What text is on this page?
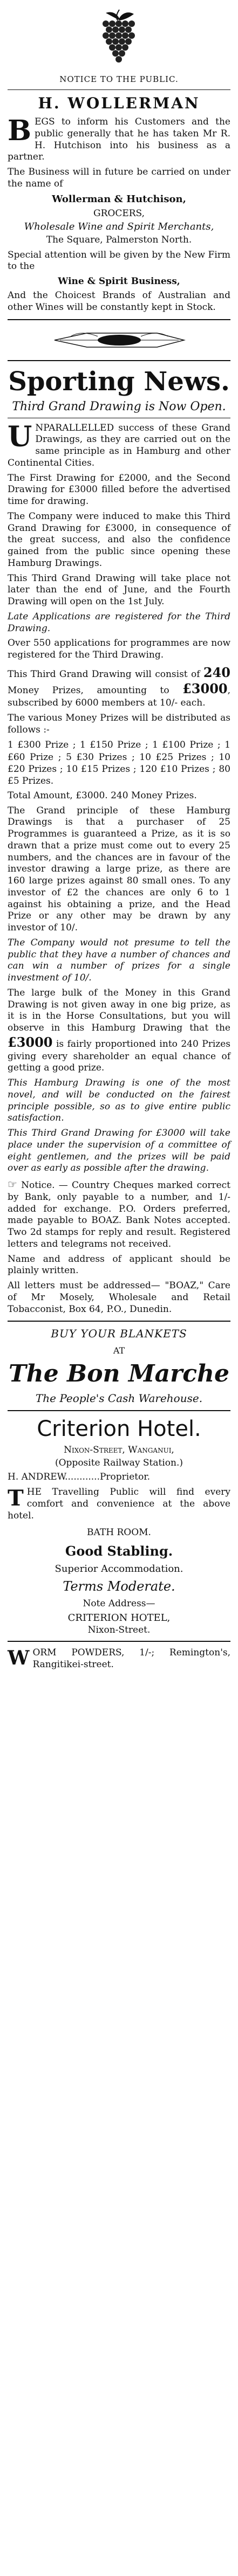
NOTICE TO THE PUBLIC.
H. WOLLERMAN

BEGS to inform his Customers and the public generally that he has taken Mr R. H. Hutchison into his business as a partner.

The Business will in future be carried on under the name of

Wollerman & Hutchison,
GROCERS,
Wholesale Wine and Spirit Merchants,
The Square, Palmerston North.

Special attention will be given by the New Firm to the

Wine & Spirit Business,

And the Choicest Brands of Australian and other Wines will be constantly kept in Stock.

Sporting News.
Third Grand Drawing is Now Open.

UNPARALLELLED success of these Grand Drawings, as they are carried out on the same principle as in Hamburg and other Continental Cities.

The First Drawing for £2000, and the Second Drawing for £3000 filled before the advertised time for drawing.

The Company were induced to make this Third Grand Drawing for £3000, in consequence of the great success, and also the confidence gained from the public since opening these Hamburg Drawings.

This Third Grand Drawing will take place not later than the end of June, and the Fourth Drawing will open on the 1st July.

Late Applications are registered for the Third Drawing.

Over 550 applications for programmes are now registered for the Third Drawing.

This Third Grand Drawing will consist of 240 Money Prizes, amounting to £3000, subscribed by 6000 members at 10/- each.

The various Money Prizes will be distributed as follows :-

1 £300 Prize ; 1 £150 Prize ; 1 £100 Prize ; 1 £60 Prize ; 5 £30 Prizes ; 10 £25 Prizes ; 10 £20 Prizes ; 10 £15 Prizes ; 120 £10 Prizes ; 80 £5 Prizes.

Total Amount, £3000. 240 Money Prizes.

The Grand principle of these Hamburg Drawings is that a purchaser of 25 Programmes is guaranteed a Prize, as it is so drawn that a prize must come out to every 25 numbers, and the chances are in favour of the investor drawing a large prize, as there are 160 large prizes against 80 small ones. To any investor of £2 the chances are only 6 to 1 against his obtaining a prize, and the Head Prize or any other may be drawn by any investor of 10/.

The Company would not presume to tell the public that they have a number of chances and can win a number of prizes for a single investment of 10/.

The large bulk of the Money in this Grand Drawing is not given away in one big prize, as it is in the Horse Consultations, but you will observe in this Hamburg Drawing that the £3000 is fairly proportioned into 240 Prizes giving every shareholder an equal chance of getting a good prize.

This Hamburg Drawing is one of the most novel, and will be conducted on the fairest principle possible, so as to give entire public satisfaction.

This Third Grand Drawing for £3000 will take place under the supervision of a committee of eight gentlemen, and the prizes will be paid over as early as possible after the drawing.

☞ Notice. — Country Cheques marked correct by Bank, only payable to a number, and 1/- added for exchange. P.O. Orders preferred, made payable to BOAZ. Bank Notes accepted. Two 2d stamps for reply and result. Registered letters and telegrams not received.

Name and address of applicant should be plainly written.

All letters must be addressed— "BOAZ," Care of Mr Mosely, Wholesale and Retail Tobacconist, Box 64, P.O., Dunedin.

BUY YOUR BLANKETS
AT
The Bon Marche
The People's Cash Warehouse.
Criterion Hotel.
Nixon-Street, Wanganui,
(Opposite Railway Station.)

H. ANDREW............Proprietor.

THE Travelling Public will find every comfort and convenience at the above hotel.

BATH ROOM.
Good Stabling.
Superior Accommodation.
Terms Moderate.
Note Address—
CRITERION HOTEL,
Nixon-Street.

WORM POWDERS, 1/-; Remington's, Rangitikei-street.
